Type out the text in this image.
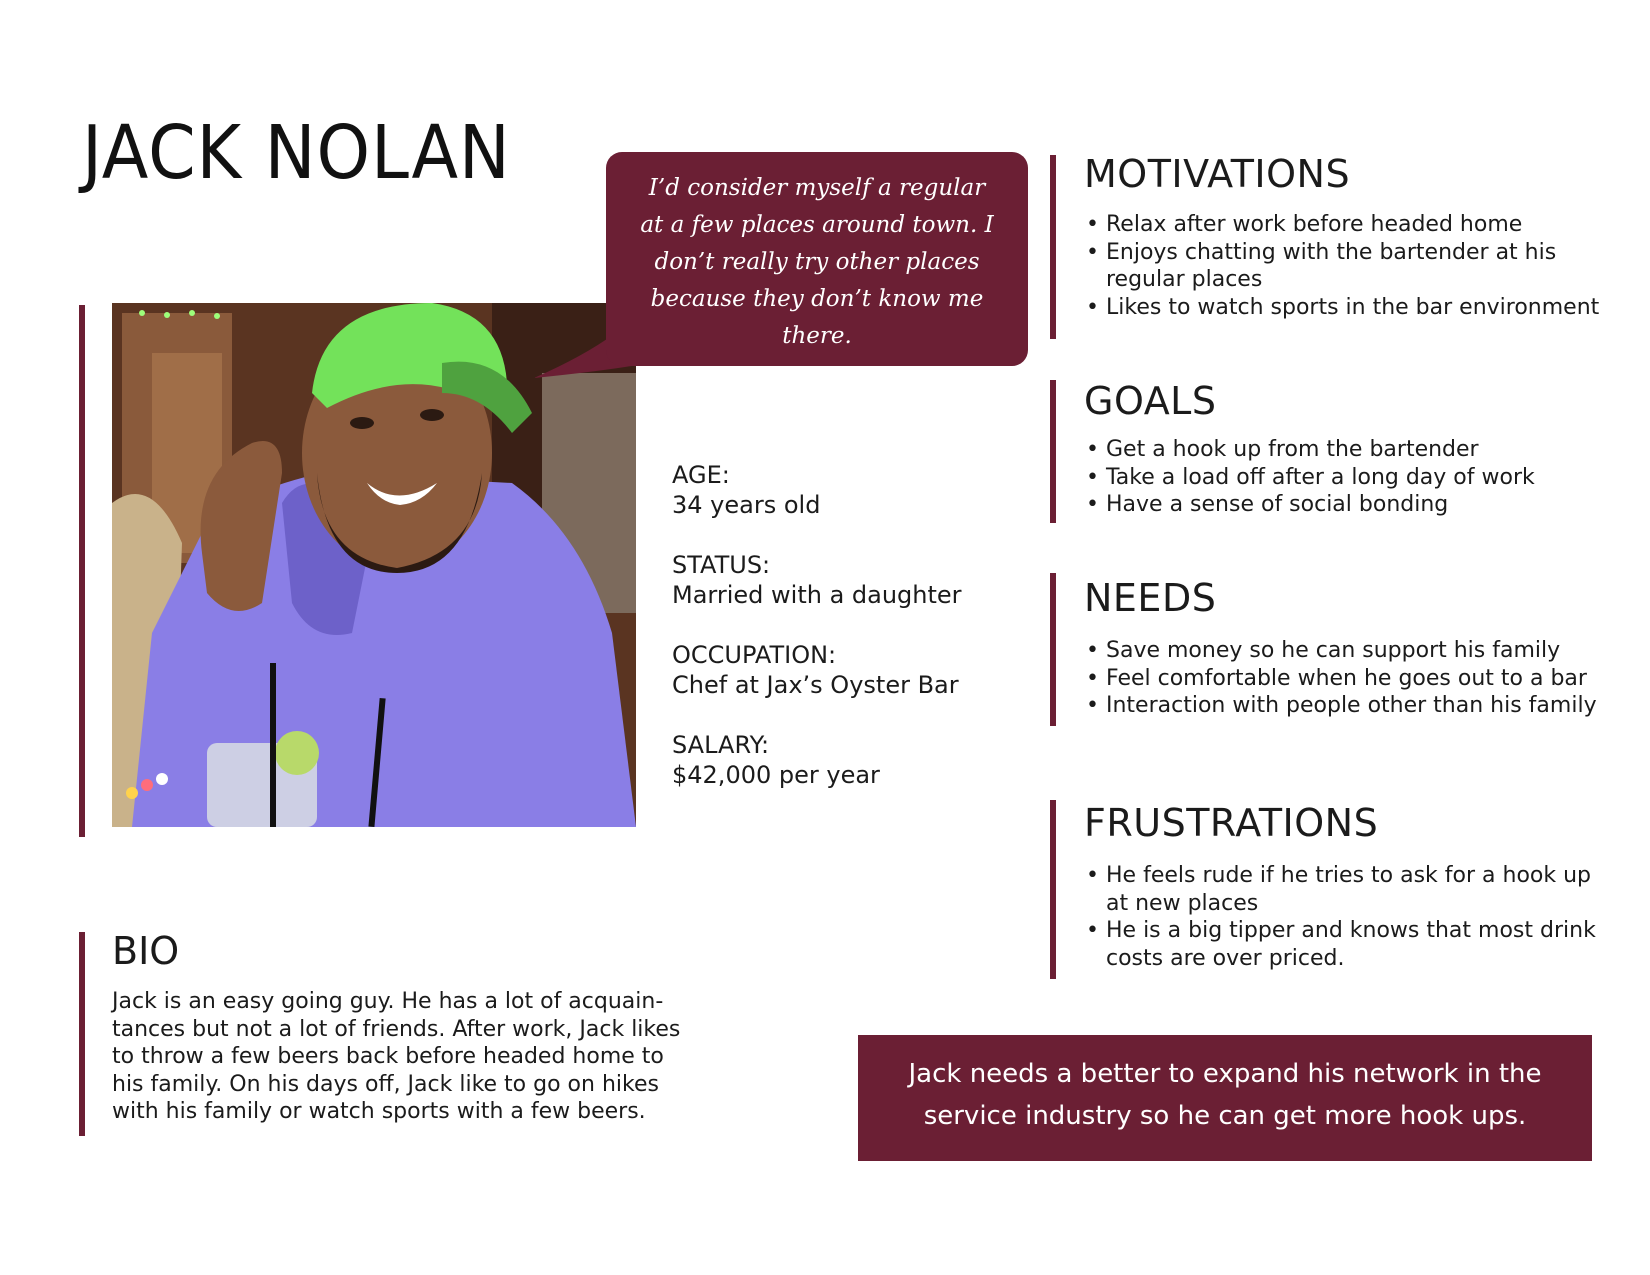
JACK NOLAN	I’d consider myself a regular at a few places around town. I don’t really try other places because they don’t know me there.
AGE:
34 years old
STATUS:
Married with a daughter
OCCUPATION:
Chef at Jax’s Oyster Bar
SALARY:
$42,000 per year
MOTIVATIONS
• Relax after work before headed home
• Enjoys chatting with the bartender at his regular places
• Likes to watch sports in the bar environment
GOALS
• Get a hook up from the bartender
• Take a load off after a long day of work
• Have a sense of social bonding
NEEDS
• Save money so he can support his family
• Feel comfortable when he goes out to a bar
• Interaction with people other than his family
FRUSTRATIONS
• He feels rude if he tries to ask for a hook up at new places
• He is a big tipper and knows that most drink costs are over priced.
BIO

Jack is an easy going guy. He has a lot of acquain-tances but not a lot of friends. After work, Jack likes to throw a few beers back before headed home to his family. On his days off, Jack like to go on hikes with his family or watch sports with a few beers.

Jack needs a better to expand his network in the service industry so he can get more hook ups.
